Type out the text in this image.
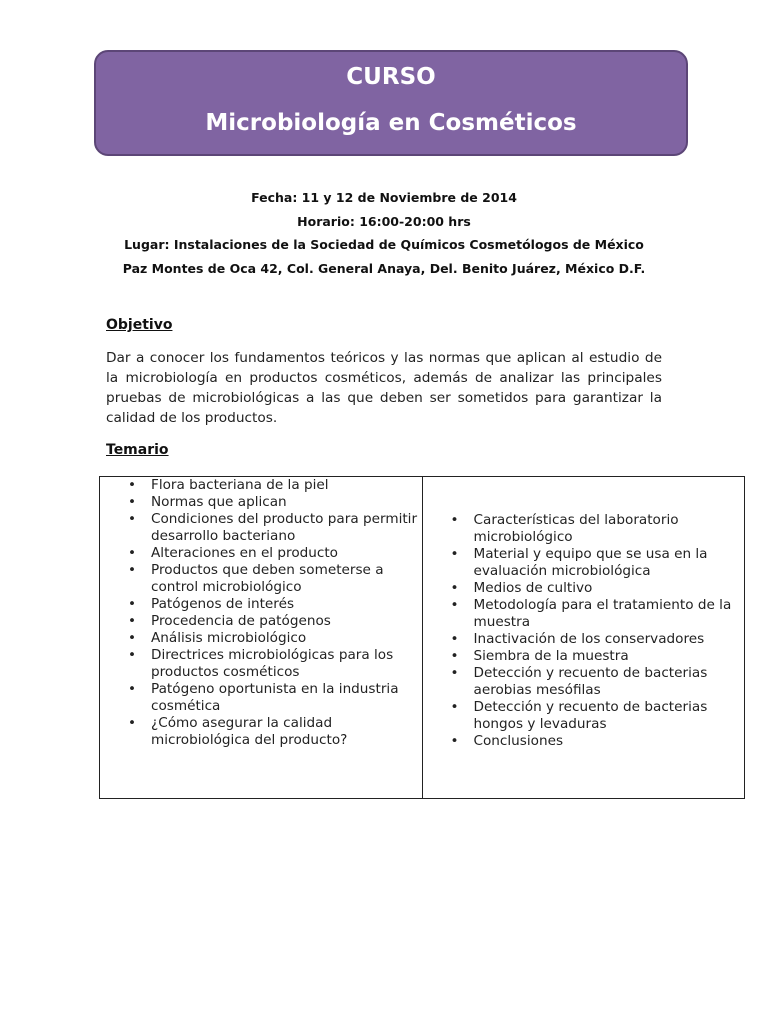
CURSO
Microbiología en Cosméticos
Fecha: 11 y 12 de Noviembre de 2014
Horario: 16:00-20:00 hrs
Lugar: Instalaciones de la Sociedad de Químicos Cosmetólogos de México
Paz Montes de Oca 42, Col. General Anaya, Del. Benito Juárez, México D.F.
Objetivo
Dar a conocer los fundamentos teóricos y las normas que aplican al estudio de la microbiología en productos cosméticos, además de analizar las principales pruebas de microbiológicas a las que deben ser sometidos para garantizar la calidad de los productos.
Temario
• Flora bacteriana de la piel
• Normas que aplican
• Condiciones del producto para permitir desarrollo bacteriano
• Alteraciones en el producto
• Productos que deben someterse a control microbiológico
• Patógenos de interés
• Procedencia de patógenos
• Análisis microbiológico
• Directrices microbiológicas para los productos cosméticos
• Patógeno oportunista en la industria cosmética
• ¿Cómo asegurar la calidad microbiológica del producto?

• Características del laboratorio microbiológico
• Material y equipo que se usa en la evaluación microbiológica
• Medios de cultivo
• Metodología para el tratamiento de la muestra
• Inactivación de los conservadores
• Siembra de la muestra
• Detección y recuento de bacterias aerobias mesófilas
• Detección y recuento de bacterias hongos y levaduras
• Conclusiones
